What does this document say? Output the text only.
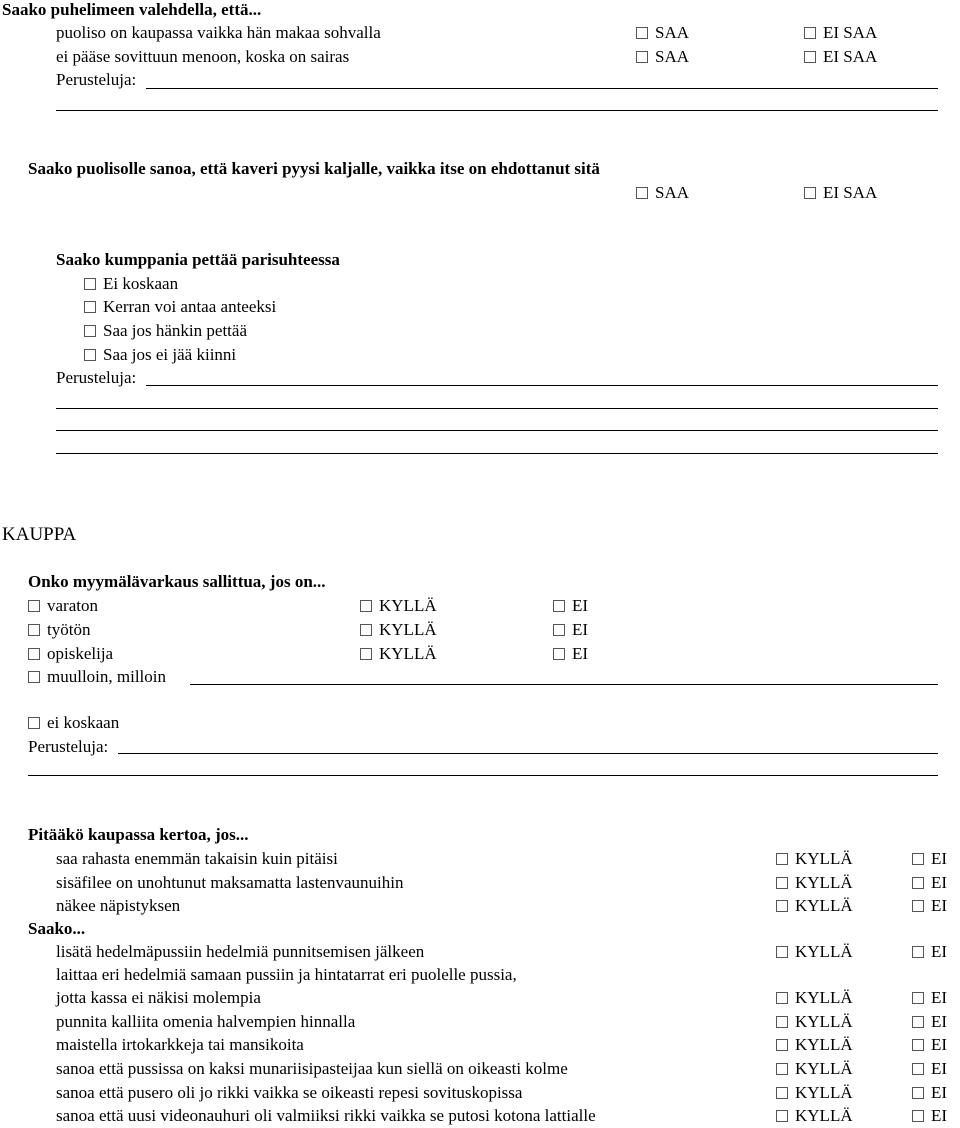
Saako puhelimeen valehdella, että...
puoliso on kaupassa vaikka hän makaa sohvalla	SAA	EI SAA
ei pääse sovittuun menoon, koska on sairas	SAA	EI SAA
Perusteluja:
Saako puolisolle sanoa, että kaveri pyysi kaljalle, vaikka itse on ehdottanut sitä
SAA	EI SAA
Saako kumppania pettää parisuhteessa
Ei koskaan
Kerran voi antaa anteeksi
Saa jos hänkin pettää
Saa jos ei jää kiinni
Perusteluja:
KAUPPA
Onko myymälävarkaus sallittua, jos on...
varaton	KYLLÄ	EI
työtön	KYLLÄ	EI
opiskelija	KYLLÄ	EI
muulloin, milloin
ei koskaan
Perusteluja:
Pitääkö kaupassa kertoa, jos...
saa rahasta enemmän takaisin kuin pitäisi	KYLLÄ	EI
sisäfilee on unohtunut maksamatta lastenvaunuihin	KYLLÄ	EI
näkee näpistyksen	KYLLÄ	EI
Saako...
lisätä hedelmäpussiin hedelmiä punnitsemisen jälkeen	KYLLÄ	EI
laittaa eri hedelmiä samaan pussiin ja hintatarrat eri puolelle pussia,
jotta kassa ei näkisi molempia	KYLLÄ	EI
punnita kalliita omenia halvempien hinnalla	KYLLÄ	EI
maistella irtokarkkeja tai mansikoita	KYLLÄ	EI
sanoa että pussissa on kaksi munariisipasteijaa kun siellä on oikeasti kolme	KYLLÄ	EI
sanoa että pusero oli jo rikki vaikka se oikeasti repesi sovituskopissa	KYLLÄ	EI
sanoa että uusi videonauhuri oli valmiiksi rikki vaikka se putosi kotona lattialle	KYLLÄ	EI
